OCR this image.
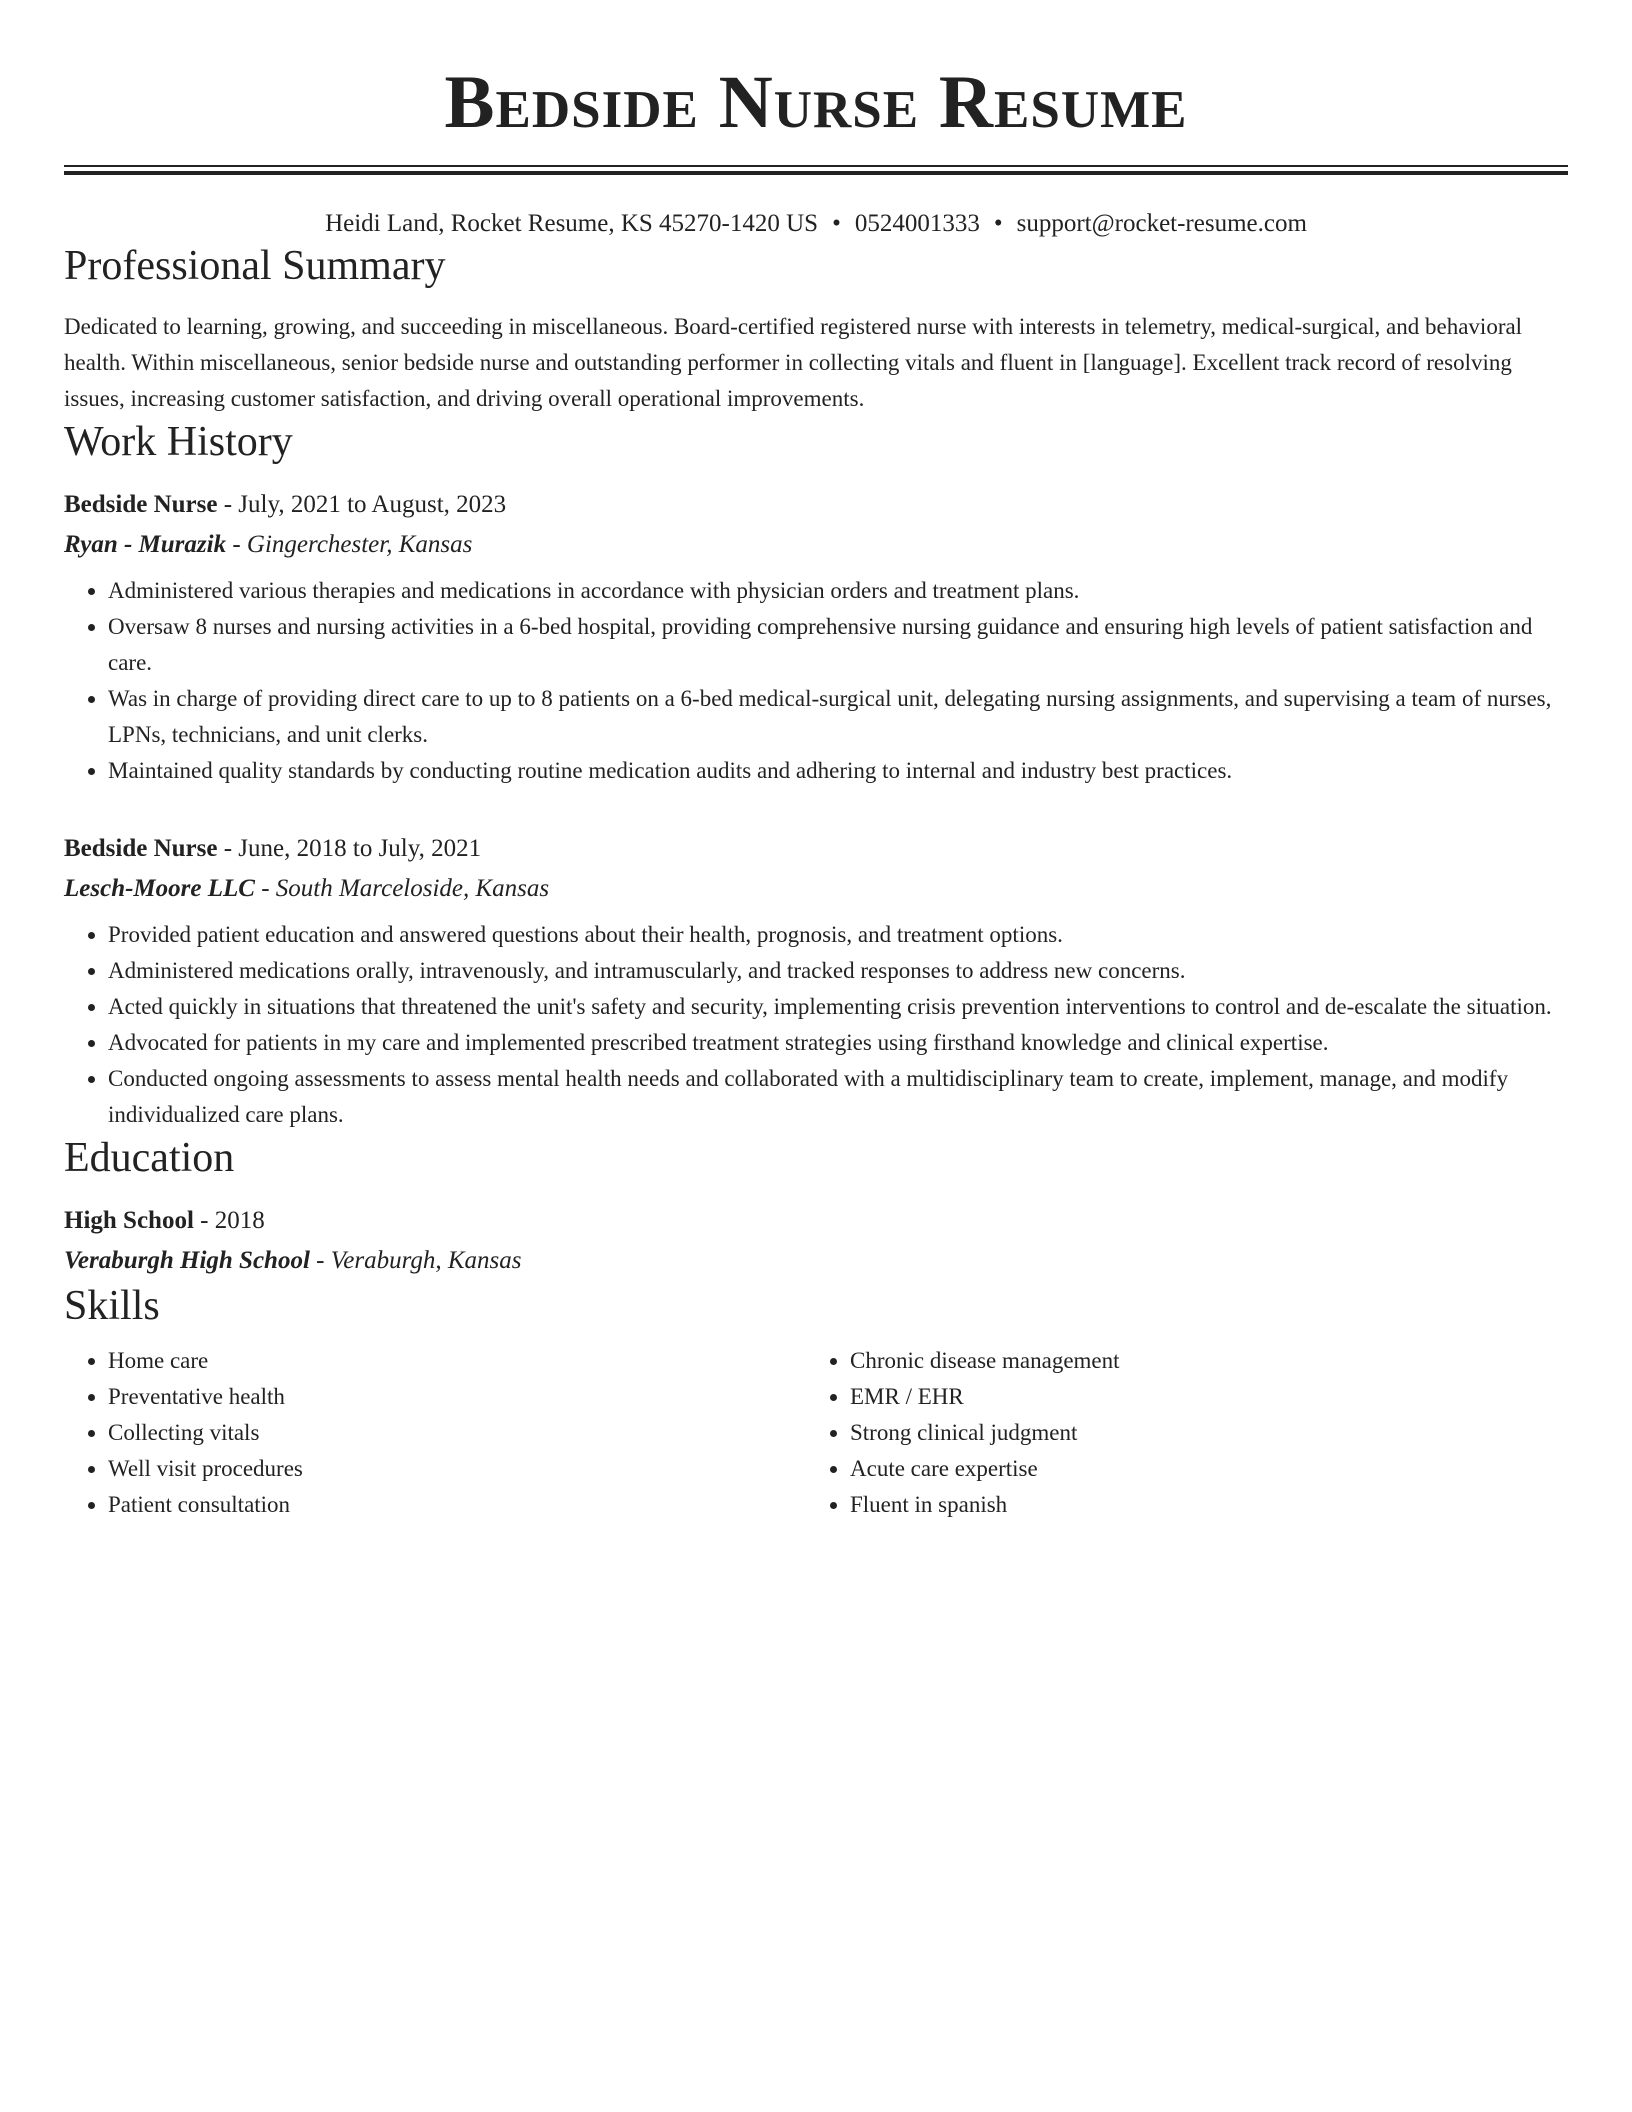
Bedside Nurse Resume
Heidi Land, Rocket Resume, KS 45270-1420 US • 0524001333 • support@rocket-resume.com
Professional Summary
Dedicated to learning, growing, and succeeding in miscellaneous. Board-certified registered nurse with interests in telemetry, medical-surgical, and behavioral health. Within miscellaneous, senior bedside nurse and outstanding performer in collecting vitals and fluent in [language]. Excellent track record of resolving issues, increasing customer satisfaction, and driving overall operational improvements.
Work History
Bedside Nurse - July, 2021 to August, 2023
Ryan - Murazik - Gingerchester, Kansas
• Administered various therapies and medications in accordance with physician orders and treatment plans.
• Oversaw 8 nurses and nursing activities in a 6-bed hospital, providing comprehensive nursing guidance and ensuring high levels of patient satisfaction and care.
• Was in charge of providing direct care to up to 8 patients on a 6-bed medical-surgical unit, delegating nursing assignments, and supervising a team of nurses, LPNs, technicians, and unit clerks.
• Maintained quality standards by conducting routine medication audits and adhering to internal and industry best practices.
Bedside Nurse - June, 2018 to July, 2021
Lesch-Moore LLC - South Marceloside, Kansas
• Provided patient education and answered questions about their health, prognosis, and treatment options.
• Administered medications orally, intravenously, and intramuscularly, and tracked responses to address new concerns.
• Acted quickly in situations that threatened the unit's safety and security, implementing crisis prevention interventions to control and de-escalate the situation.
• Advocated for patients in my care and implemented prescribed treatment strategies using firsthand knowledge and clinical expertise.
• Conducted ongoing assessments to assess mental health needs and collaborated with a multidisciplinary team to create, implement, manage, and modify individualized care plans.
Education
High School - 2018
Veraburgh High School - Veraburgh, Kansas
Skills
• Home care
• Preventative health
• Collecting vitals
• Well visit procedures
• Patient consultation
• Chronic disease management
• EMR / EHR
• Strong clinical judgment
• Acute care expertise
• Fluent in spanish
